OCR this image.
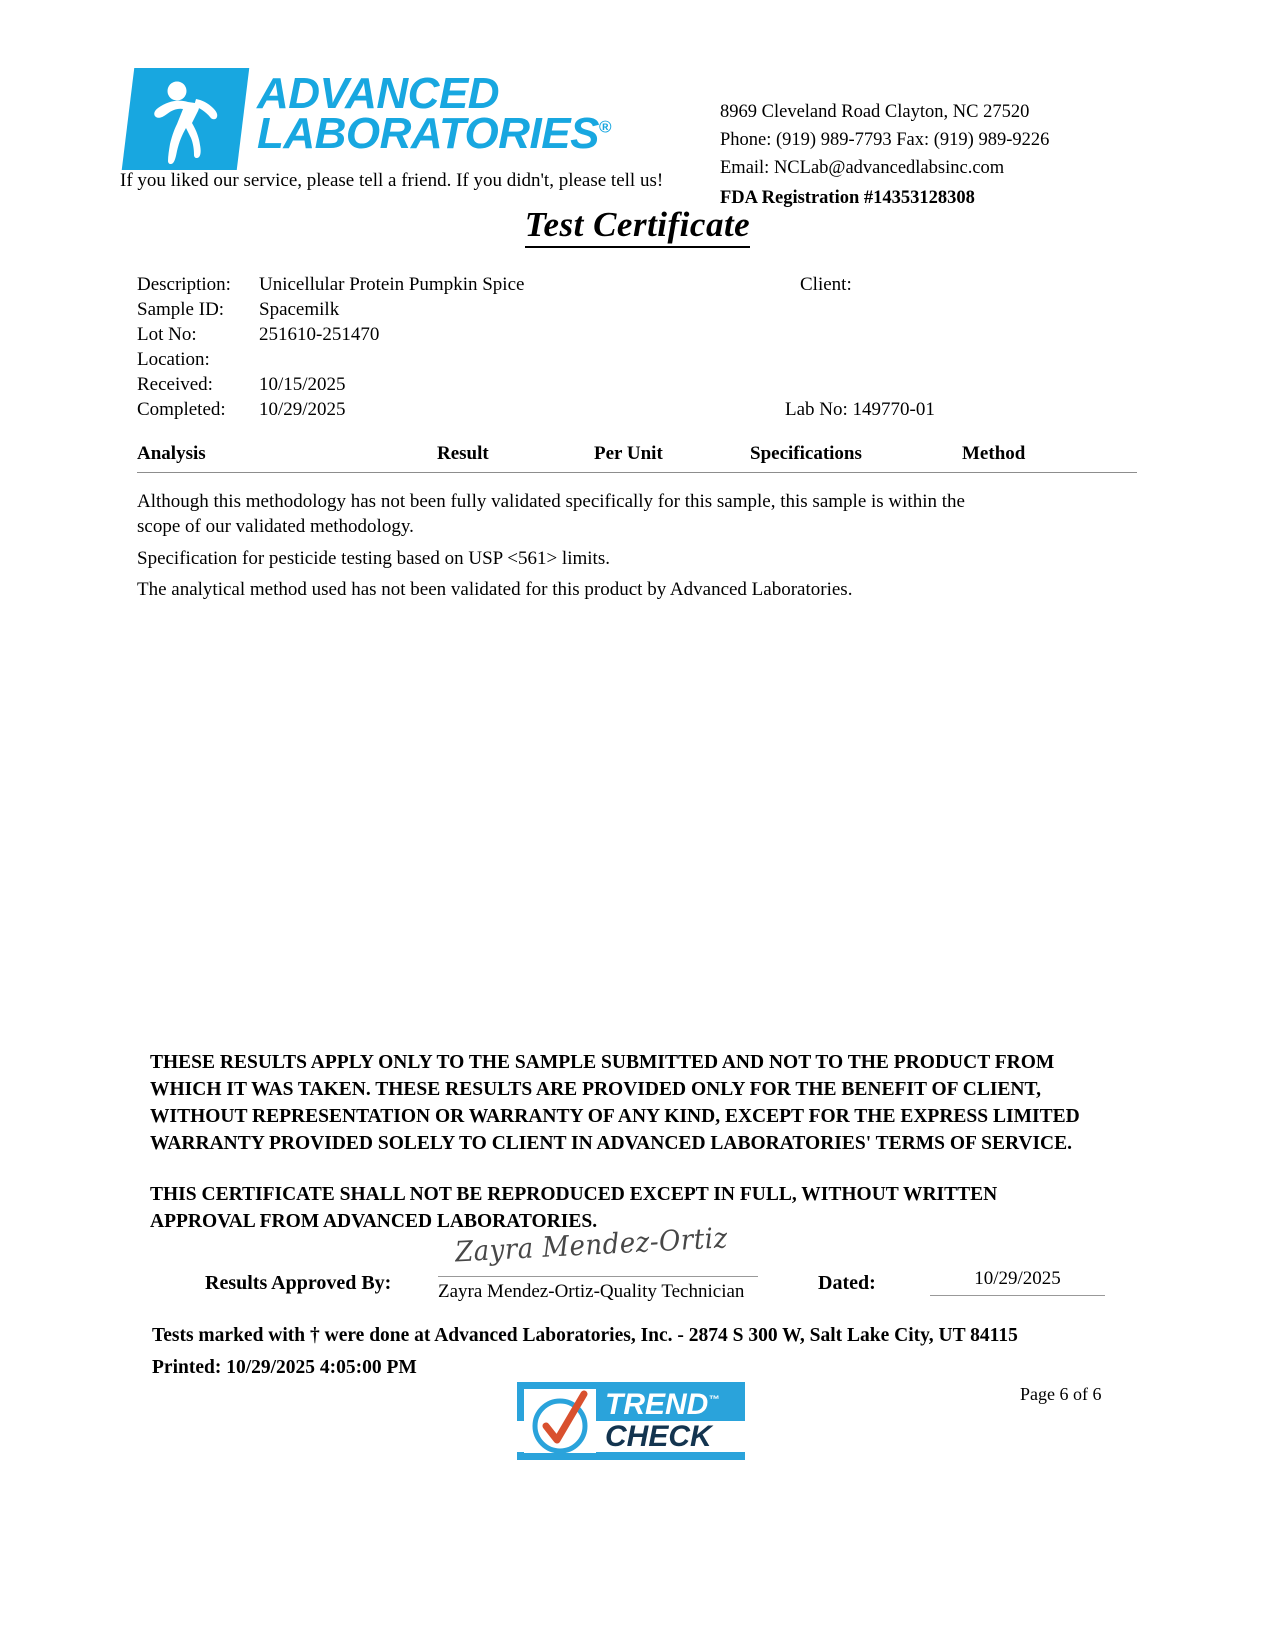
ADVANCED
LABORATORIES®
If you liked our service, please tell a friend. If you didn't, please tell us!
8969 Cleveland Road Clayton, NC 27520
Phone: (919) 989-7793 Fax: (919) 989-9226
Email: NCLab@advancedlabsinc.com
FDA Registration #14353128308
Test Certificate
Description:	Unicellular Protein Pumpkin Spice	Client:
Sample ID:	Spacemilk
Lot No:	251610-251470
Location:
Received:	10/15/2025
Completed:	10/29/2025	Lab No: 149770-01
Analysis	Result	Per Unit	Specifications	Method

Although this methodology has not been fully validated specifically for this sample, this sample is within the scope of our validated methodology.

Specification for pesticide testing based on USP <561> limits.

The analytical method used has not been validated for this product by Advanced Laboratories.

THESE RESULTS APPLY ONLY TO THE SAMPLE SUBMITTED AND NOT TO THE PRODUCT FROM WHICH IT WAS TAKEN. THESE RESULTS ARE PROVIDED ONLY FOR THE BENEFIT OF CLIENT, WITHOUT REPRESENTATION OR WARRANTY OF ANY KIND, EXCEPT FOR THE EXPRESS LIMITED WARRANTY PROVIDED SOLELY TO CLIENT IN ADVANCED LABORATORIES' TERMS OF SERVICE.

THIS CERTIFICATE SHALL NOT BE REPRODUCED EXCEPT IN FULL, WITHOUT WRITTEN APPROVAL FROM ADVANCED LABORATORIES.

Results Approved By:
Zayra Mendez-Ortiz
Zayra Mendez-Ortiz-Quality Technician	Dated:	10/29/2025
Tests marked with † were done at Advanced Laboratories, Inc. - 2874 S 300 W, Salt Lake City, UT 84115
Printed: 10/29/2025 4:05:00 PM
Page 6 of 6
TREND™
CHECK
